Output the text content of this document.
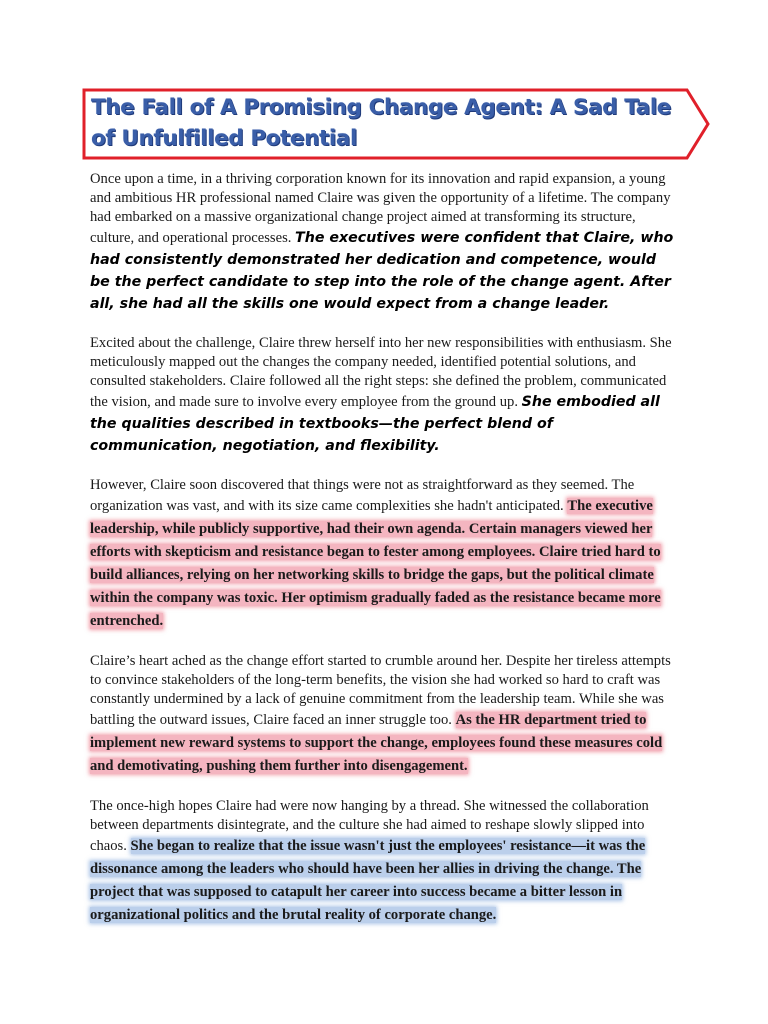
The Fall of A Promising Change Agent: A Sad Tale of Unfulfilled Potential

Once upon a time, in a thriving corporation known for its innovation and rapid expansion, a young and ambitious HR professional named Claire was given the opportunity of a lifetime. The company had embarked on a massive organizational change project aimed at transforming its structure, culture, and operational processes. The executives were confident that Claire, who had consistently demonstrated her dedication and competence, would be the perfect candidate to step into the role of the change agent. After all, she had all the skills one would expect from a change leader.

Excited about the challenge, Claire threw herself into her new responsibilities with enthusiasm. She meticulously mapped out the changes the company needed, identified potential solutions, and consulted stakeholders. Claire followed all the right steps: she defined the problem, communicated the vision, and made sure to involve every employee from the ground up. She embodied all the qualities described in textbooks—the perfect blend of communication, negotiation, and flexibility.

However, Claire soon discovered that things were not as straightforward as they seemed. The organization was vast, and with its size came complexities she hadn't anticipated. The executive leadership, while publicly supportive, had their own agenda. Certain managers viewed her efforts with skepticism and resistance began to fester among employees. Claire tried hard to build alliances, relying on her networking skills to bridge the gaps, but the political climate within the company was toxic. Her optimism gradually faded as the resistance became more entrenched.

Claire’s heart ached as the change effort started to crumble around her. Despite her tireless attempts to convince stakeholders of the long-term benefits, the vision she had worked so hard to craft was constantly undermined by a lack of genuine commitment from the leadership team. While she was battling the outward issues, Claire faced an inner struggle too. As the HR department tried to implement new reward systems to support the change, employees found these measures cold and demotivating, pushing them further into disengagement.

The once-high hopes Claire had were now hanging by a thread. She witnessed the collaboration between departments disintegrate, and the culture she had aimed to reshape slowly slipped into chaos. She began to realize that the issue wasn't just the employees' resistance—it was the dissonance among the leaders who should have been her allies in driving the change. The project that was supposed to catapult her career into success became a bitter lesson in organizational politics and the brutal reality of corporate change.
